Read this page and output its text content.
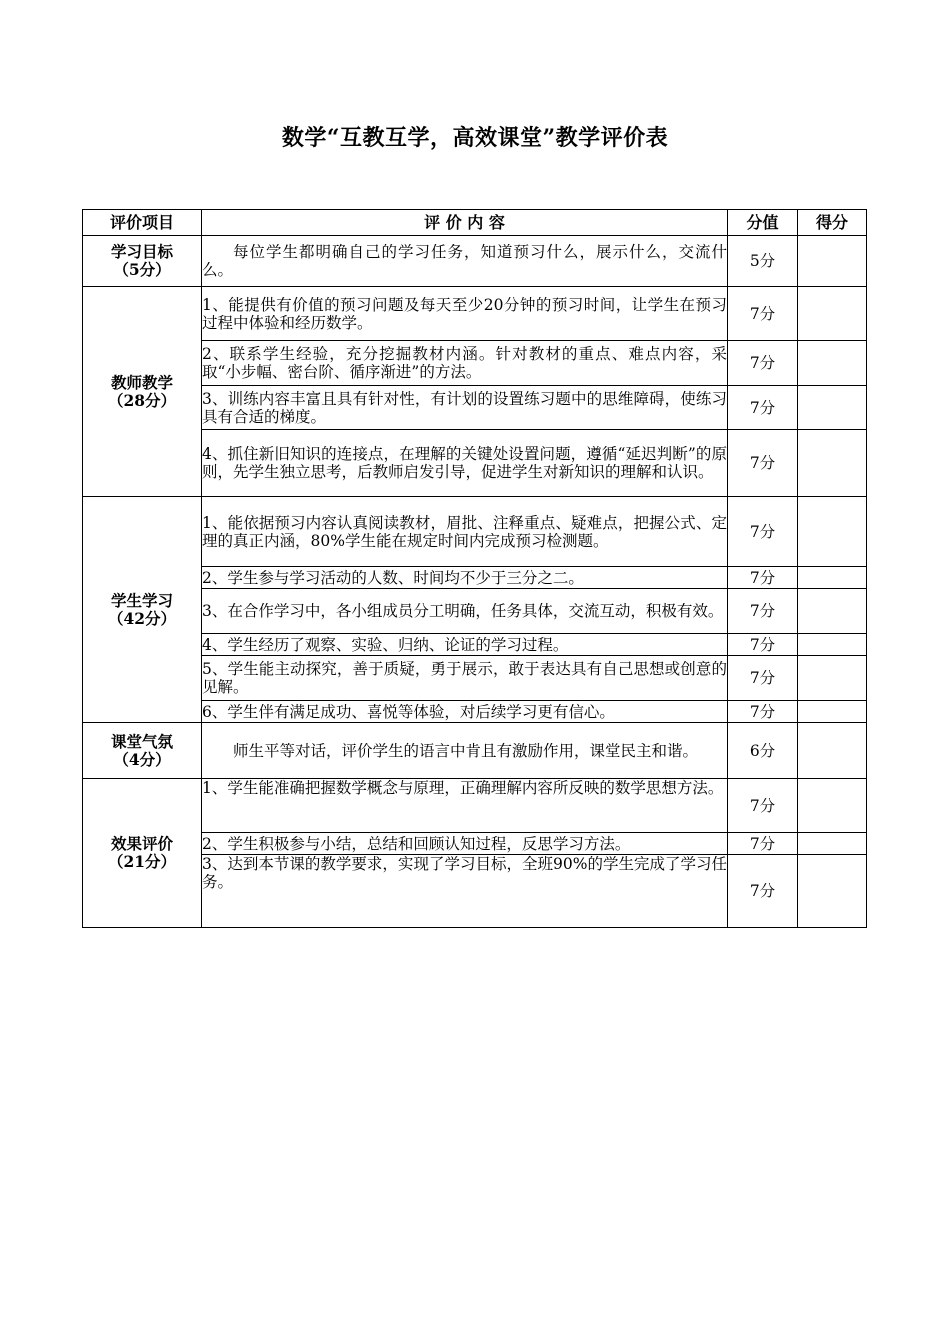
数学“互教互学，高效课堂”教学评价表
评价项目	评 价 内 容	分值	得分

学习目标
（5分）	每位学生都明确自己的学习任务，知道预习什么，展示什么，交流什么。	5分	

教师教学
（28分）	1、能提供有价值的预习问题及每天至少20分钟的预习时间，让学生在预习过程中体验和经历数学。	7分	
	2、联系学生经验，充分挖掘教材内涵。针对教材的重点、难点内容，采取“小步幅、密台阶、循序渐进”的方法。	7分	
	3、训练内容丰富且具有针对性，有计划的设置练习题中的思维障碍，使练习具有合适的梯度。	7分	
	4、抓住新旧知识的连接点，在理解的关键处设置问题，遵循“延迟判断”的原则，先学生独立思考，后教师启发引导，促进学生对新知识的理解和认识。	7分	

学生学习
（42分）	1、能依据预习内容认真阅读教材，眉批、注释重点、疑难点，把握公式、定理的真正内涵，80%学生能在规定时间内完成预习检测题。	7分	
	2、学生参与学习活动的人数、时间均不少于三分之二。	7分	
	3、在合作学习中，各小组成员分工明确，任务具体，交流互动，积极有效。	7分	
	4、学生经历了观察、实验、归纳、论证的学习过程。	7分	
	5、学生能主动探究，善于质疑，勇于展示，敢于表达具有自己思想或创意的见解。	7分	
	6、学生伴有满足成功、喜悦等体验，对后续学习更有信心。	7分	

课堂气氛
（4分）	师生平等对话，评价学生的语言中肯且有激励作用，课堂民主和谐。	6分	

效果评价
（21分）	1、学生能准确把握数学概念与原理，正确理解内容所反映的数学思想方法。	7分	
	2、学生积极参与小结，总结和回顾认知过程，反思学习方法。	7分	
	3、达到本节课的教学要求，实现了学习目标，全班90%的学生完成了学习任务。	7分	
